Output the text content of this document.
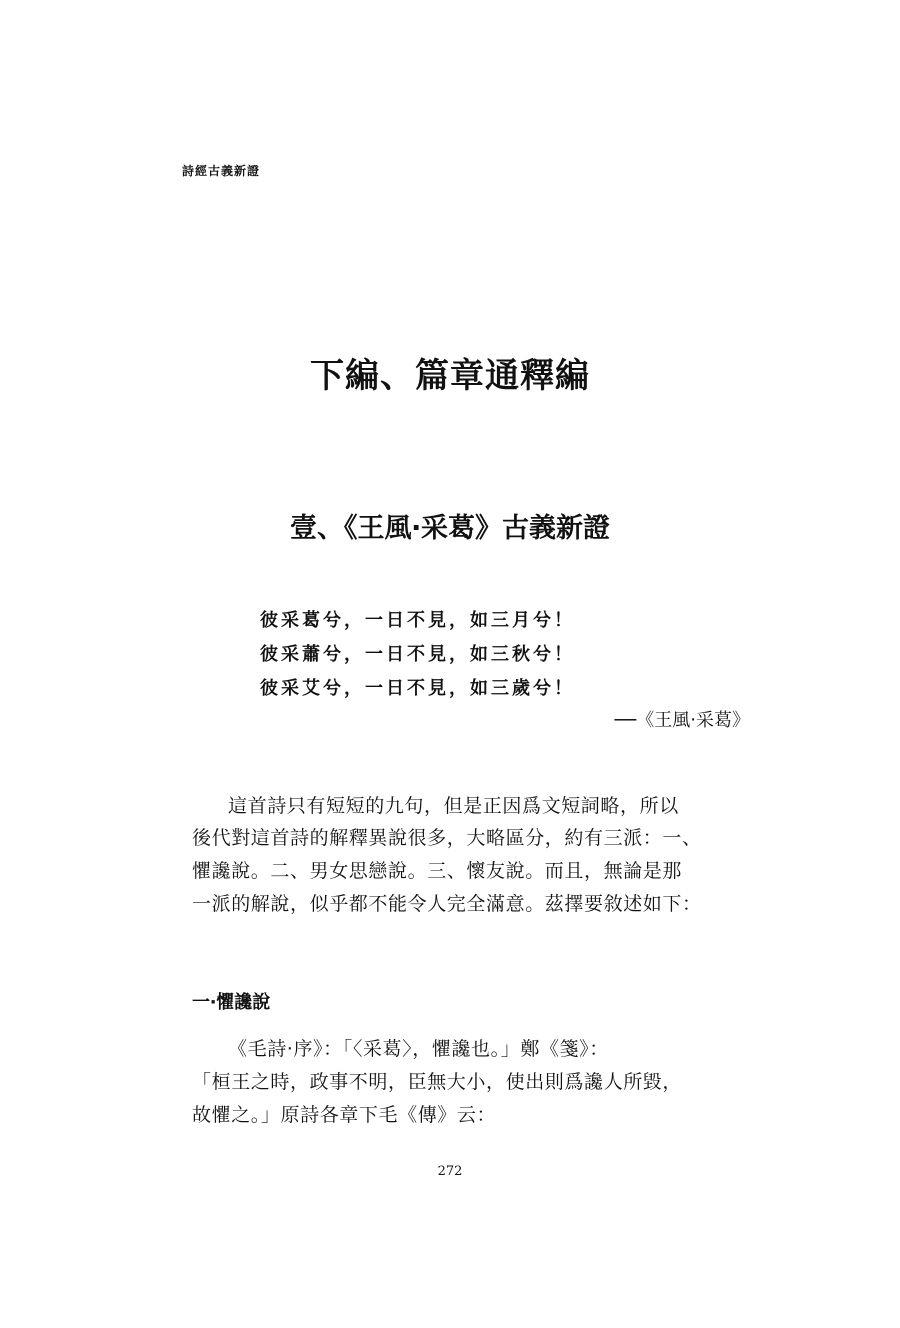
詩經古義新證
下編、篇章通釋編
壹、《王風‧采葛》古義新證
彼采葛兮，一日不見，如三月兮！
彼采蕭兮，一日不見，如三秋兮！
彼采艾兮，一日不見，如三歲兮！
──《王風‧采葛》
這首詩只有短短的九句，但是正因爲文短詞略，所以
後代對這首詩的解釋異說很多，大略區分，約有三派：一、
懼讒說。二、男女思戀說。三、懷友說。而且，無論是那
一派的解說，似乎都不能令人完全滿意。茲擇要敘述如下：
一‧懼讒說
《毛詩‧序》：「〈采葛〉，懼讒也。」鄭《箋》：
「桓王之時，政事不明，臣無大小，使出則爲讒人所毀，
故懼之。」原詩各章下毛《傳》云：
272
